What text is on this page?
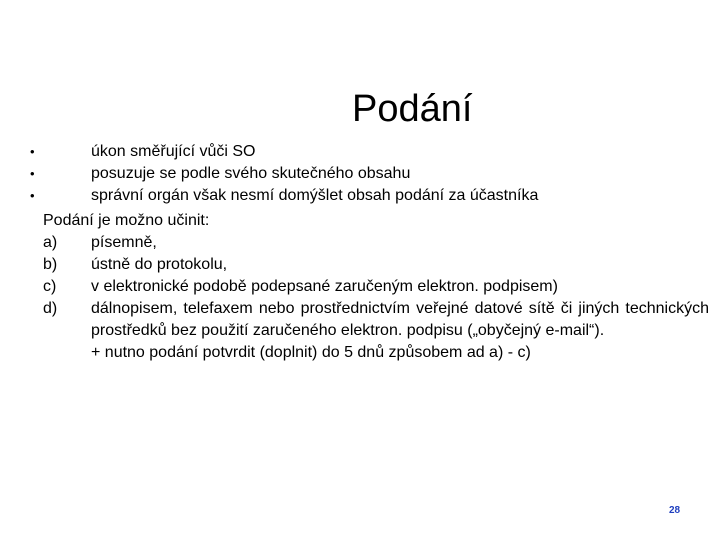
Podání
•	úkon směřující vůči SO
•	posuzuje se podle svého skutečného obsahu
•	správní orgán však nesmí domýšlet obsah podání za účastníka
Podání je možno učinit:
a)	písemně,
b)	ústně do protokolu,
c)	v elektronické podobě podepsané zaručeným elektron. podpisem)
d)	dálnopisem, telefaxem nebo prostřednictvím veřejné datové sítě či jiných technických prostředků bez použití zaručeného elektron. podpisu („obyčejný e-mail“).
+ nutno podání potvrdit (doplnit) do 5 dnů způsobem ad a) - c)
28
